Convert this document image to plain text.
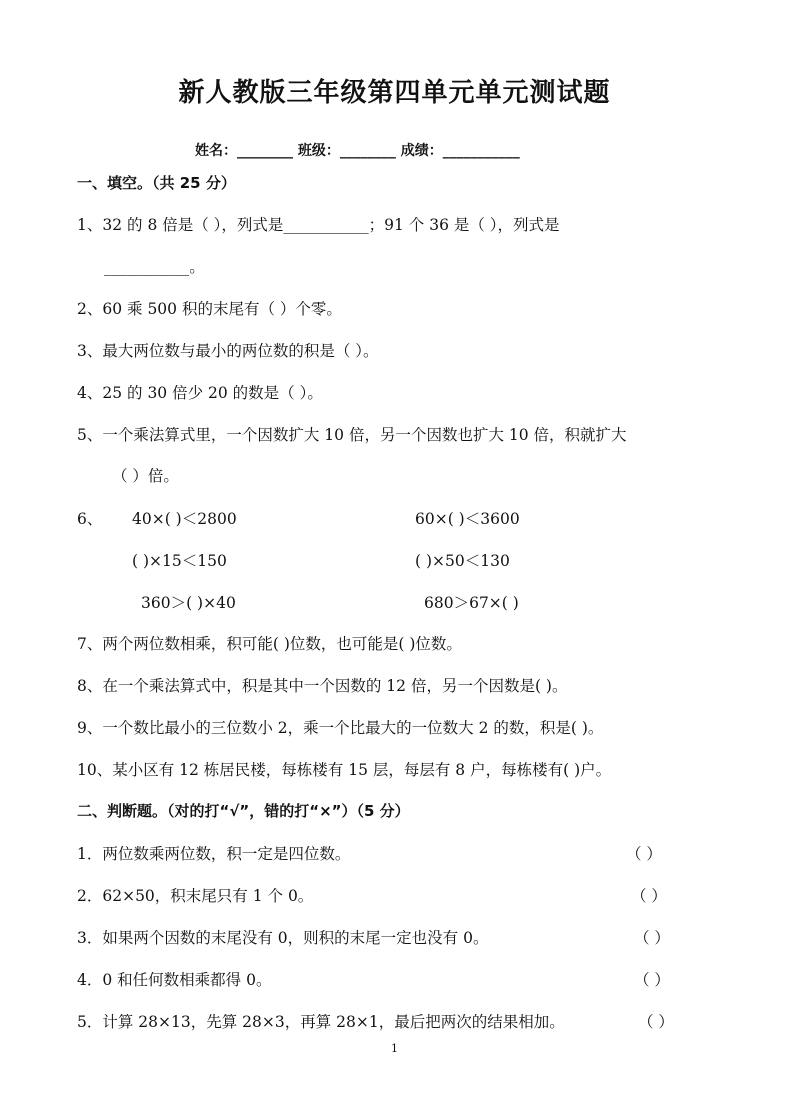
新人教版三年级第四单元单元测试题
姓名：________ 班级：________ 成绩：___________
一、填空。（共 25 分）
1、32 的 8 倍是（ ），列式是___________；91 个 36 是（ ），列式是
___________。
2、60 乘 500 积的末尾有（ ）个零。
3、最大两位数与最小的两位数的积是（ ）。
4、25 的 30 倍少 20 的数是（ ）。
5、一个乘法算式里，一个因数扩大 10 倍，另一个因数也扩大 10 倍，积就扩大
（ ）倍。
6、 40×( )＜2800	60×( )＜3600
( )×15＜150	( )×50＜130
360＞( )×40	680＞67×( )
7、两个两位数相乘，积可能( )位数，也可能是( )位数。
8、在一个乘法算式中，积是其中一个因数的 12 倍，另一个因数是( )。
9、一个数比最小的三位数小 2，乘一个比最大的一位数大 2 的数，积是( )。
10、某小区有 12 栋居民楼，每栋楼有 15 层，每层有 8 户，每栋楼有( )户。
二、判断题。（对的打“√”，错的打“×”）（5 分）
1．两位数乘两位数，积一定是四位数。	（ ）
2．62×50，积末尾只有 1 个 0。	（ ）
3．如果两个因数的末尾没有 0，则积的末尾一定也没有 0。	（ ）
4．0 和任何数相乘都得 0。	（ ）
5．计算 28×13，先算 28×3，再算 28×1，最后把两次的结果相加。	（ ）
1
